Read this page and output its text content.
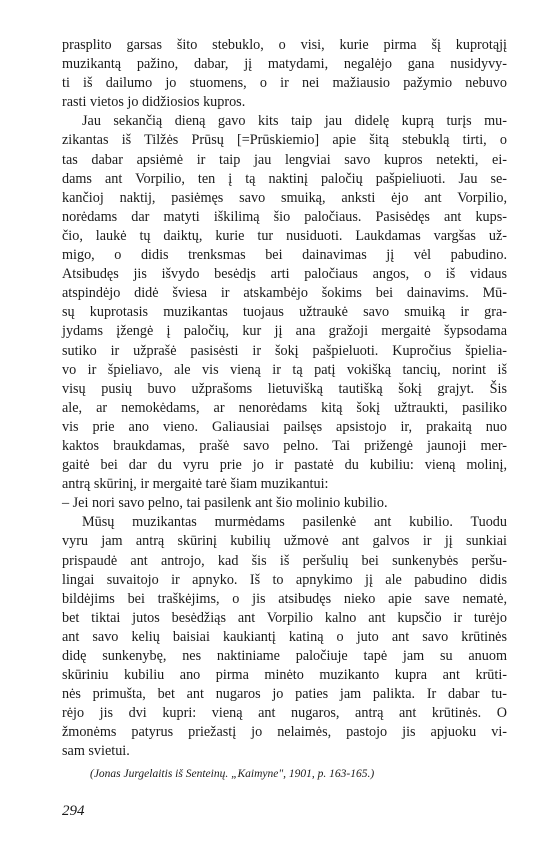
prasplito garsas šito stebuklo, o visi, kurie pirma šį kuprotąjį
muzikantą pažino, dabar, jį matydami, negalėjo gana nusidyvy-
ti iš dailumo jo stuomens, o ir nei mažiausio pažymio nebuvo
rasti vietos jo didžiosios kupros.
Jau sekančią dieną gavo kits taip jau didelę kuprą turįs mu-
zikantas iš Tilžės Prūsų [=Prūskiemio] apie šitą stebuklą tirti, o
tas dabar apsiėmė ir taip jau lengviai savo kupros netekti, ei-
dams ant Vorpilio, ten į tą naktinį paločių pašpieliuoti. Jau se-
kančioj naktij, pasiėmęs savo smuiką, anksti ėjo ant Vorpilio,
norėdams dar matyti iškilimą šio paločiaus. Pasisėdęs ant kups-
čio, laukė tų daiktų, kurie tur nusiduoti. Laukdamas vargšas už-
migo, o didis trenksmas bei dainavimas jį vėl pabudino.
Atsibudęs jis išvydo besėdįs arti paločiaus angos, o iš vidaus
atspindėjo didė šviesa ir atskambėjo šokims bei dainavims. Mū-
sų kuprotasis muzikantas tuojaus užtraukė savo smuiką ir gra-
jydams įžengė į paločių, kur jį ana gražoji mergaitė šypsodama
sutiko ir užprašė pasisėsti ir šokį pašpieluoti. Kupročius špielia-
vo ir špieliavo, ale vis vieną ir tą patį vokišką tancių, norint iš
visų pusių buvo užprašoms lietuvišką tautišką šokį grajyt. Šis
ale, ar nemokėdams, ar nenorėdams kitą šokį užtraukti, pasiliko
vis prie ano vieno. Galiausiai pailsęs apsistojo ir, prakaitą nuo
kaktos braukdamas, prašė savo pelno. Tai prižengė jaunoji mer-
gaitė bei dar du vyru prie jo ir pastatė du kubiliu: vieną molinį,
antrą skūrinį, ir mergaitė tarė šiam muzikantui:
– Jei nori savo pelno, tai pasilenk ant šio molinio kubilio.
Mūsų muzikantas murmėdams pasilenkė ant kubilio. Tuodu
vyru jam antrą skūrinį kubilių užmovė ant galvos ir jį sunkiai
prispaudė ant antrojo, kad šis iš peršulių bei sunkenybės peršu-
lingai suvaitojo ir apnyko. Iš to apnykimo jį ale pabudino didis
bildėjims bei traškėjims, o jis atsibudęs nieko apie save nematė,
bet tiktai jutos besėdžiąs ant Vorpilio kalno ant kupsčio ir turėjo
ant savo kelių baisiai kaukiantį katiną o juto ant savo krūtinės
didę sunkenybę, nes naktiniame paločiuje tapė jam su anuom
skūriniu kubiliu ano pirma minėto muzikanto kupra ant krūti-
nės primušta, bet ant nugaros jo paties jam palikta. Ir dabar tu-
rėjo jis dvi kupri: vieną ant nugaros, antrą ant krūtinės. O
žmonėms patyrus priežastį jo nelaimės, pastojo jis apjuoku vi-
sam svietui.
(Jonas Jurgelaitis iš Senteinų. „Kaimyne", 1901, p. 163-165.)
294
